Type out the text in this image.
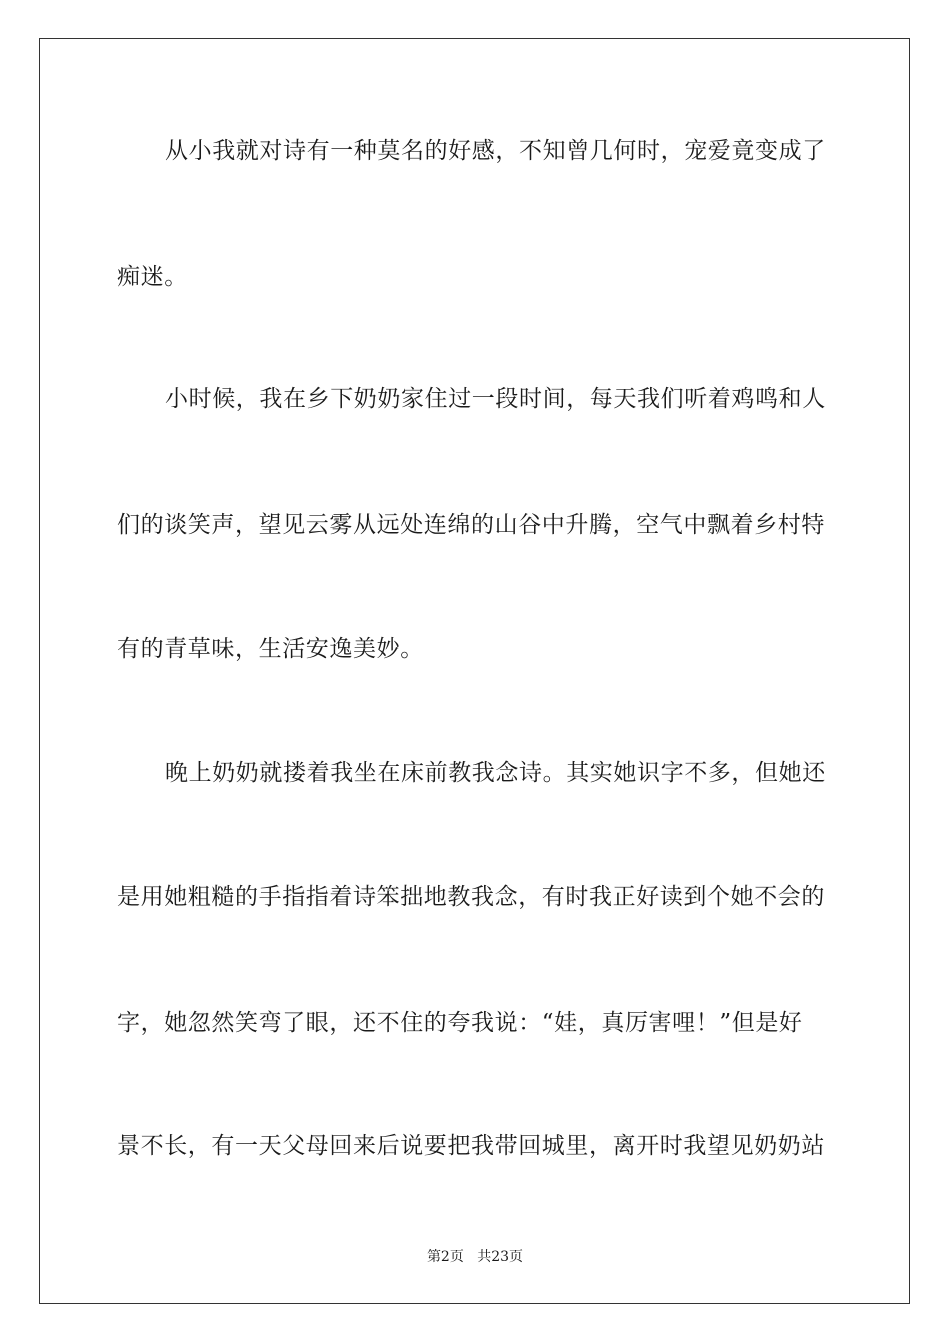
从小我就对诗有一种莫名的好感，不知曾几何时，宠爱竟变成了
痴迷。
小时候，我在乡下奶奶家住过一段时间，每天我们听着鸡鸣和人
们的谈笑声，望见云雾从远处连绵的山谷中升腾，空气中飘着乡村特
有的青草味，生活安逸美妙。
晚上奶奶就搂着我坐在床前教我念诗。其实她识字不多，但她还
是用她粗糙的手指指着诗笨拙地教我念，有时我正好读到个她不会的
字，她忽然笑弯了眼，还不住的夸我说：“娃，真厉害哩！”但是好
景不长，有一天父母回来后说要把我带回城里，离开时我望见奶奶站
第2页 共23页
